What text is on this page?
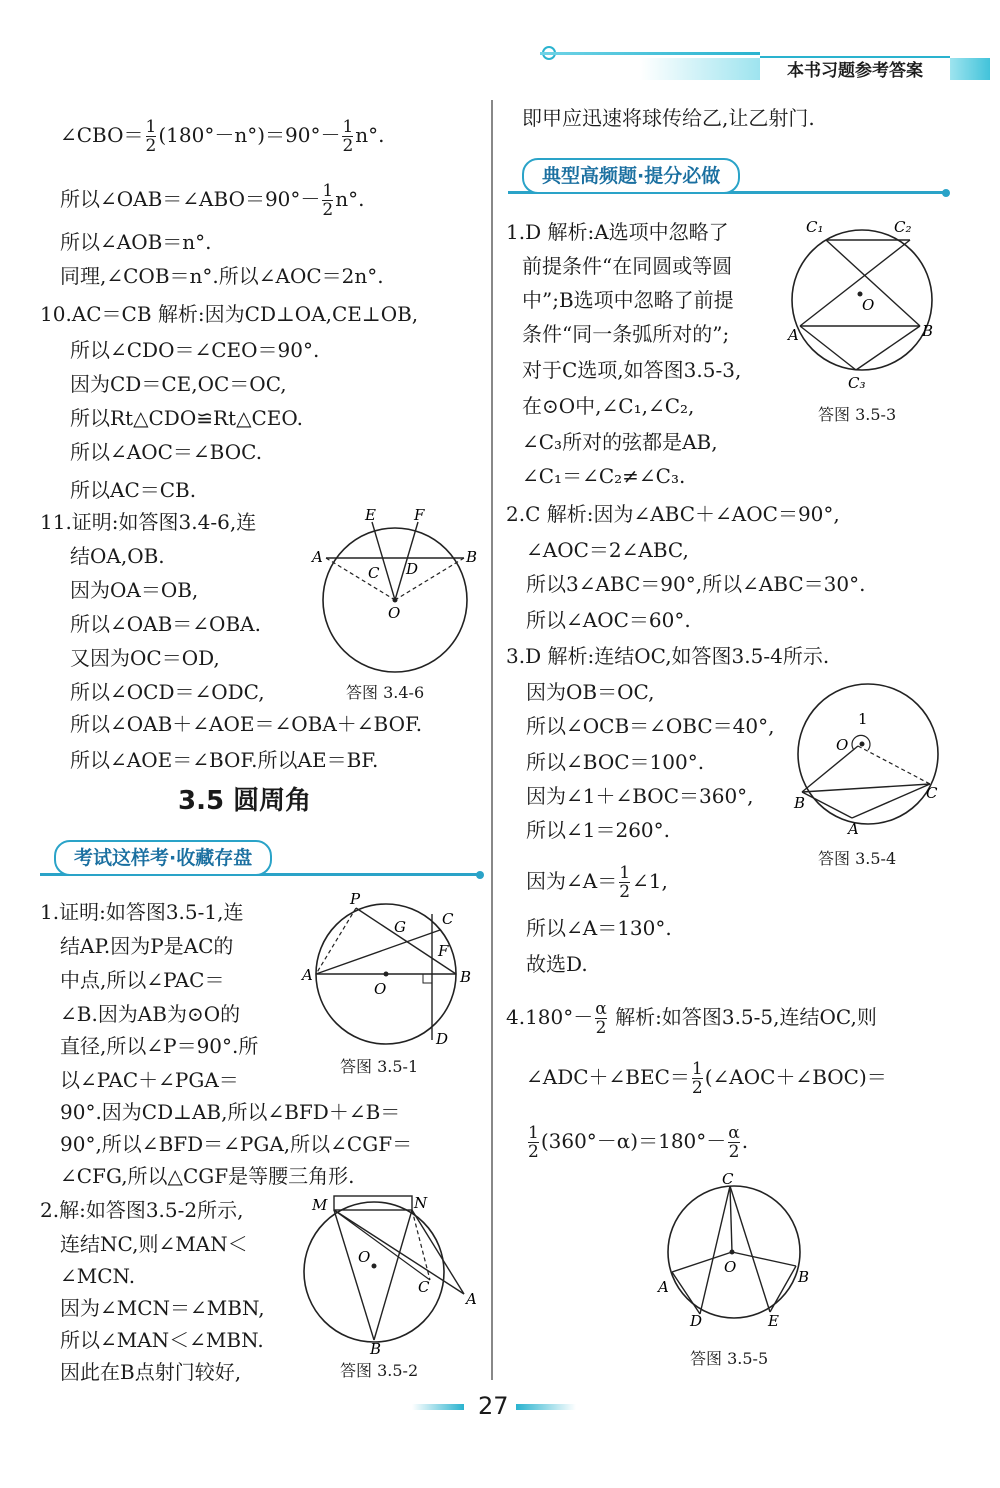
本书习题参考答案
∠CBO＝ $\frac{1}{2} (180^\circ-n^\circ)=90^\circ- \frac{1}{2} n^\circ$.
所以∠OAB＝∠ABO＝90°－ $\frac{1}{2} n^\circ$.
所以∠AOB＝n°.
同理,∠COB＝n°.所以∠AOC＝2n°.
10.AC＝CB 解析:因为CD⊥OA,CE⊥OB,
所以∠CDO＝∠CEO＝90°.
因为CD＝CE,OC＝OC,
所以Rt△CDO≌Rt△CEO.
所以∠AOC＝∠BOC.
所以AC＝CB.
11.证明:如答图3.4-6,连
结OA,OB.
因为OA＝OB,
所以∠OAB＝∠OBA.
又因为OC＝OD,
所以∠OCD＝∠ODC,
所以∠OAB＋∠AOE＝∠OBA＋∠BOF.
所以∠AOE＝∠BOF.所以AE＝BF.
E	F
A	B
C D
O
答图 3.4-6
3.5 圆周角
考试这样考·收藏存盘
1.证明:如答图3.5-1,连
结AP.因为P是AC的
中点,所以∠PAC＝
∠B.因为AB为⊙O的
直径,所以∠P＝90°.所
以∠PAC＋∠PGA＝
90°.因为CD⊥AB,所以∠BFD＋∠B＝
90°,所以∠BFD＝∠PGA,所以∠CGF＝
∠CFG,所以△CGF是等腰三角形.
2.解:如答图3.5-2所示,
连结NC,则∠MAN＜
∠MCN.
因为∠MCN＝∠MBN,
所以∠MAN＜∠MBN.
因此在B点射门较好,
P
G C
F
A
O
B
D
答图 3.5-1
M	N
O
C
A
B
答图 3.5-2
即甲应迅速将球传给乙,让乙射门.
典型高频题·提分必做
1.D 解析:A选项中忽略了
前提条件“在同圆或等圆
中”;B选项中忽略了前提
条件“同一条弧所对的”;
对于C选项,如答图3.5-3,
在⊙O中,∠C₁,∠C₂,
∠C₃所对的弦都是AB,
∠C₁＝∠C₂≠∠C₃.
C₁	C₂
O
A	B
C₃
答图 3.5-3
2.C 解析:因为∠ABC＋∠AOC＝90°,
∠AOC＝2∠ABC,
所以3∠ABC＝90°,所以∠ABC＝30°.
所以∠AOC＝60°.
3.D 解析:连结OC,如答图3.5-4所示.
因为OB＝OC,
所以∠OCB＝∠OBC＝40°,
所以∠BOC＝100°.
因为∠1＋∠BOC＝360°,
所以∠1＝260°.
因为∠A＝ $\frac{1}{2}$ ∠1,
所以∠A＝130°.
故选D.
1
O
B
C
A
答图 3.5-4
$4.180^\circ- \frac{\alpha}{2}$ 解析:如答图3.5-5,连结OC,则
∠ADC＋∠BEC＝ $\frac{1}{2}$ (∠AOC＋∠BOC)＝
$\frac{1}{2} (360^\circ-\alpha)=180^\circ- \frac{\alpha}{2}$ .
C
O
A
B
D	E
答图 3.5-5
27
